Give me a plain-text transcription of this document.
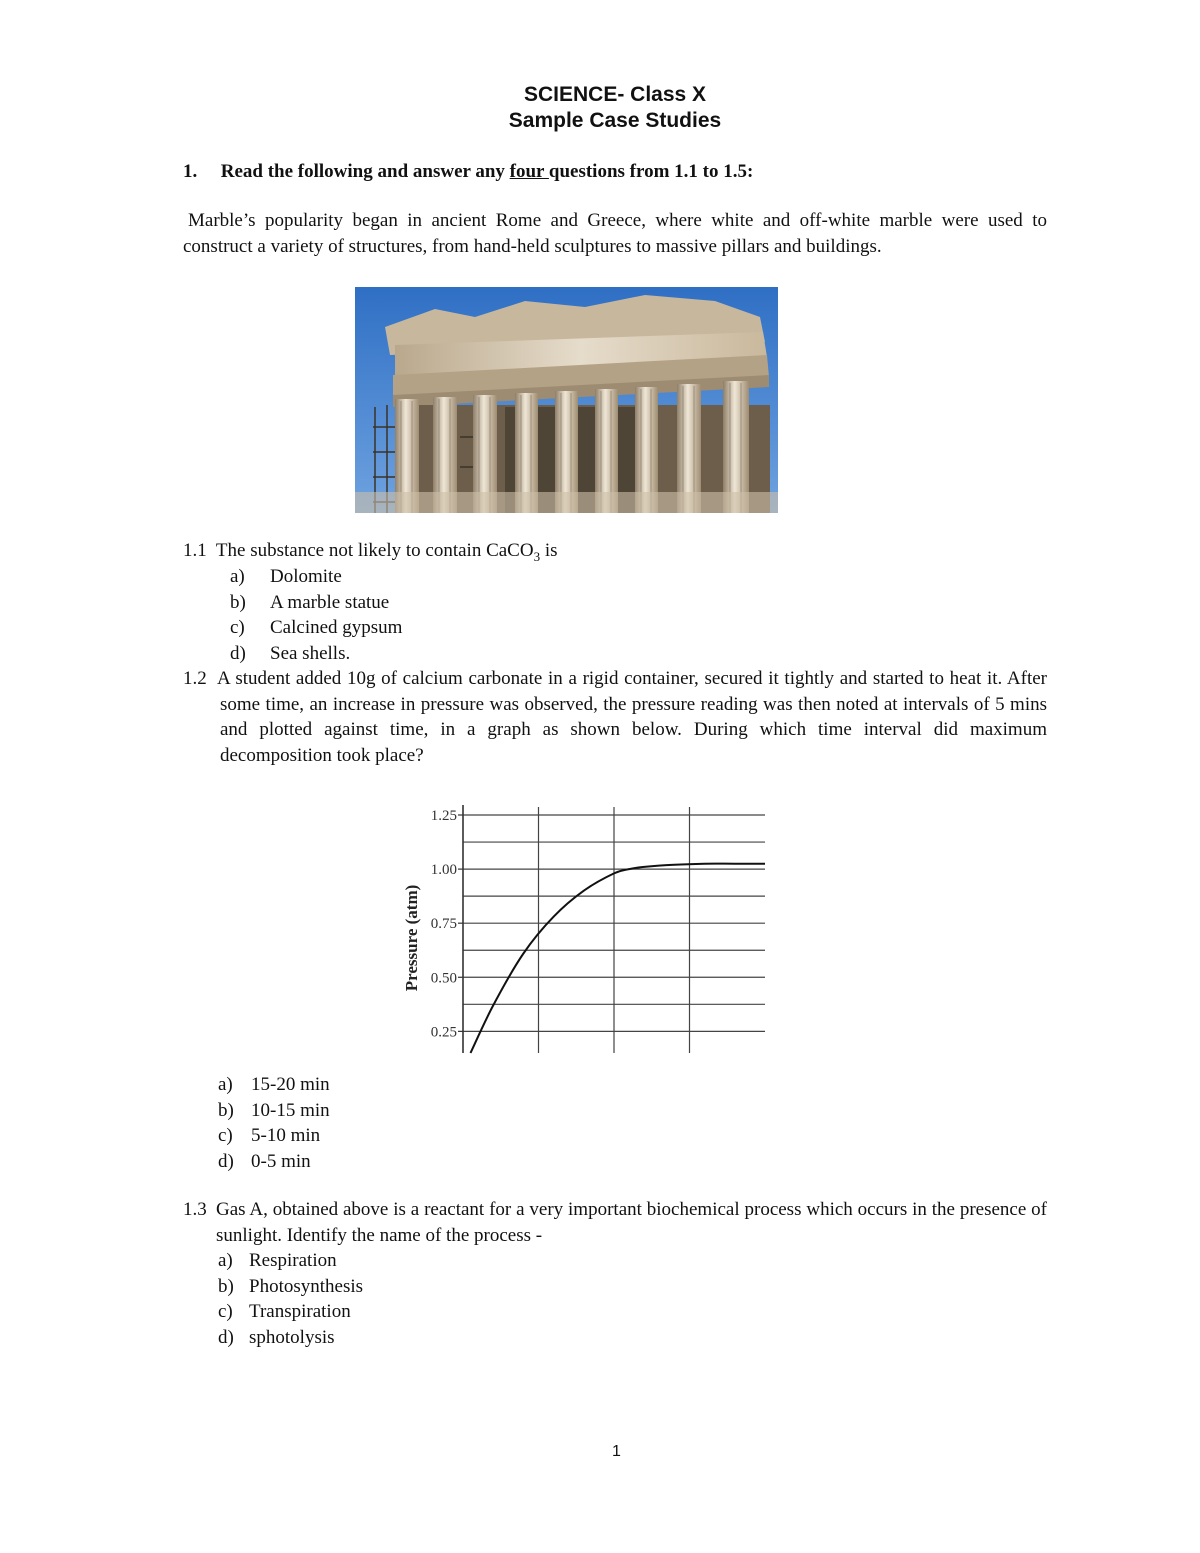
SCIENCE- Class X
Sample Case Studies
1. Read the following and answer any four questions from 1.1 to 1.5:
Marble’s popularity began in ancient Rome and Greece, where white and off-white marble were used to construct a variety of structures, from hand-held sculptures to massive pillars and buildings.
1.1 The substance not likely to contain CaCO$_3$ is
a) Dolomite
b) A marble statue
c) Calcined gypsum
d) Sea shells.
1.2 A student added 10g of calcium carbonate in a rigid container, secured it tightly and started to heat it. After some time, an increase in pressure was observed, the pressure reading was then noted at intervals of 5 mins and plotted against time, in a graph as shown below. During which time interval did maximum decomposition took place?
1.25
1.00
0.75
0.50
0.25
Pressure (atm)
a) 15-20 min
b) 10-15 min
c) 5-10 min
d) 0-5 min
1.3 Gas A, obtained above is a reactant for a very important biochemical process which occurs in the presence of sunlight. Identify the name of the process -
a) Respiration
b) Photosynthesis
c) Transpiration
d) sphotolysis
1
